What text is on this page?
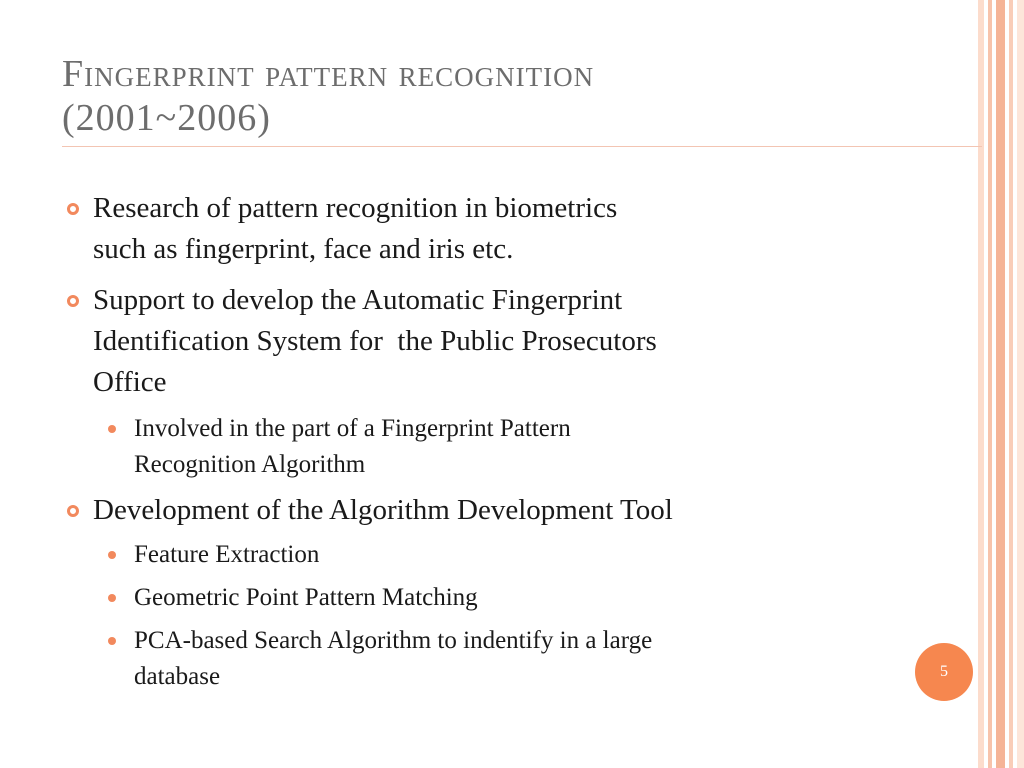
Fingerprint pattern recognition
(2001~2006)
Research of pattern recognition in biometrics
such as fingerprint, face and iris etc.
Support to develop the Automatic Fingerprint
Identification System for  the Public Prosecutors
Office
Involved in the part of a Fingerprint Pattern
Recognition Algorithm
Development of the Algorithm Development Tool
Feature Extraction
Geometric Point Pattern Matching
PCA-based Search Algorithm to indentify in a large
database	5
